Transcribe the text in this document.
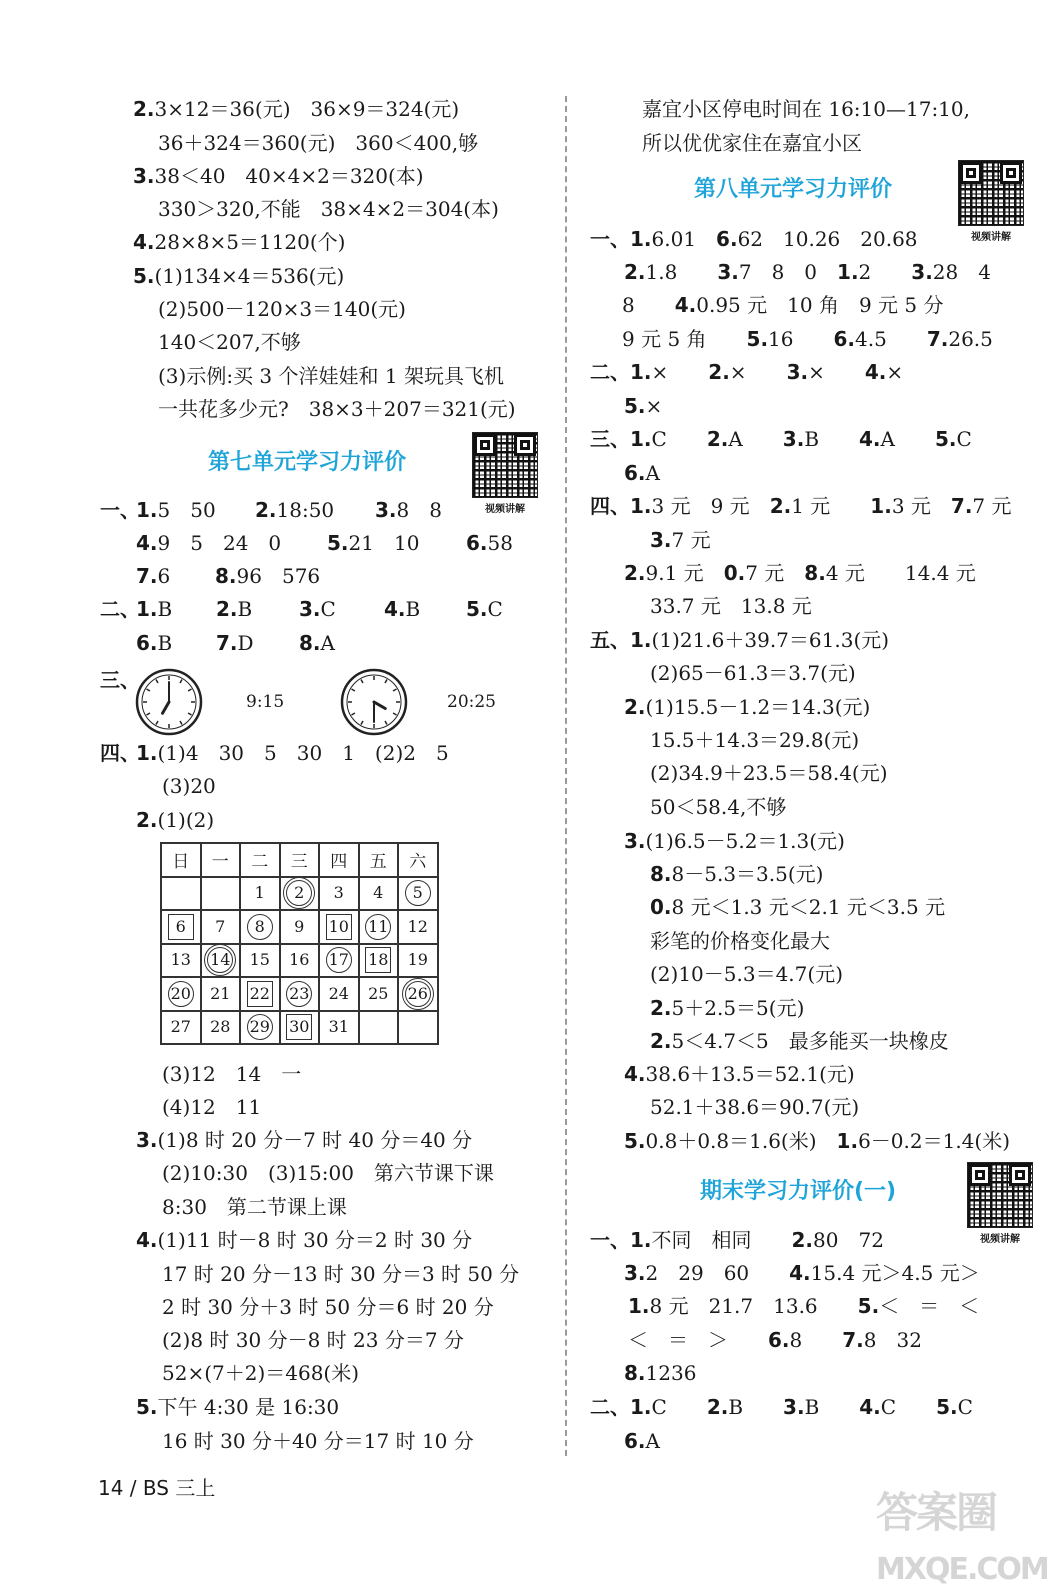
2.3×12＝36(元)　36×9＝324(元)
36＋324＝360(元)　360＜400,够
3.38＜40　40×4×2＝320(本)
330＞320,不能　38×4×2＝304(本)
4.28×8×5＝1120(个)
5.(1)134×4＝536(元)
(2)500－120×3＝140(元)
140＜207,不够
(3)示例:买 3 个洋娃娃和 1 架玩具飞机
一共花多少元?　38×3＋207＝321(元)
第七单元学习力评价
视频讲解
一、
1.5　50 2.18:50 3.8　8
4.9　5　24　0 5.21　10 6.58
7.6 8.96　576
二、
1.B 2.B 3.C 4.B 5.C
6.B 7.D 8.A
三、
9:15	20:25
四、
1.(1)4　30　5　30　1　(2)2　5
(3)20
2.(1)(2)
日	一	二	三	四	五	六
		1	2	3	4	5
6	7	8	9	10	11	12
13	14	15	16	17	18	19
20	21	22	23	24	25	26
27	28	29	30	31		
(3)12　14　一
(4)12　11
3.(1)8 时 20 分－7 时 40 分＝40 分
(2)10:30　(3)15:00　第六节课下课
8:30　第二节课上课
4.(1)11 时－8 时 30 分＝2 时 30 分
17 时 20 分－13 时 30 分＝3 时 50 分
2 时 30 分＋3 时 50 分＝6 时 20 分
(2)8 时 30 分－8 时 23 分＝7 分
52×(7＋2)＝468(米)
5.下午 4:30 是 16:30
16 时 30 分＋40 分＝17 时 10 分
嘉宜小区停电时间在 16:10—17:10,
所以优优家住在嘉宜小区
第八单元学习力评价
视频讲解
一、1.6.01　6.62　10.26　20.68
2.1.8　　3.7　8　0　1.2　　3.28　4
8　　4.0.95 元　10 角　9 元 5 分
9 元 5 角　　5.16　　6.4.5　　7.26.5
二、1.×　　2.×　　3.×　　4.×
5.×
三、1.C　　2.A　　3.B　　4.A　　5.C
6.A
四、1.3 元　9 元　2.1 元　　1.3 元　7.7 元
3.7 元
2.9.1 元　0.7 元　8.4 元　　14.4 元
33.7 元　13.8 元
五、1.(1)21.6＋39.7＝61.3(元)
(2)65－61.3＝3.7(元)
2.(1)15.5－1.2＝14.3(元)
15.5＋14.3＝29.8(元)
(2)34.9＋23.5＝58.4(元)
50＜58.4,不够
3.(1)6.5－5.2＝1.3(元)
8.8－5.3＝3.5(元)
0.8 元＜1.3 元＜2.1 元＜3.5 元
彩笔的价格变化最大
(2)10－5.3＝4.7(元)
2.5＋2.5＝5(元)
2.5＜4.7＜5　最多能买一块橡皮
4.38.6＋13.5＝52.1(元)
52.1＋38.6＝90.7(元)
5.0.8＋0.8＝1.6(米)　1.6－0.2＝1.4(米)
期末学习力评价(一)
视频讲解
一、1.不同　相同　　2.80　72
3.2　29　60　　4.15.4 元＞4.5 元＞
1.8 元　21.7　13.6　　5.＜　＝　＜
＜　＝　＞　　6.8　　7.8　32
8.1236
二、1.C　　2.B　　3.B　　4.C　　5.C
6.A
14 / BS 三上	答案圈
MXQE.COM
